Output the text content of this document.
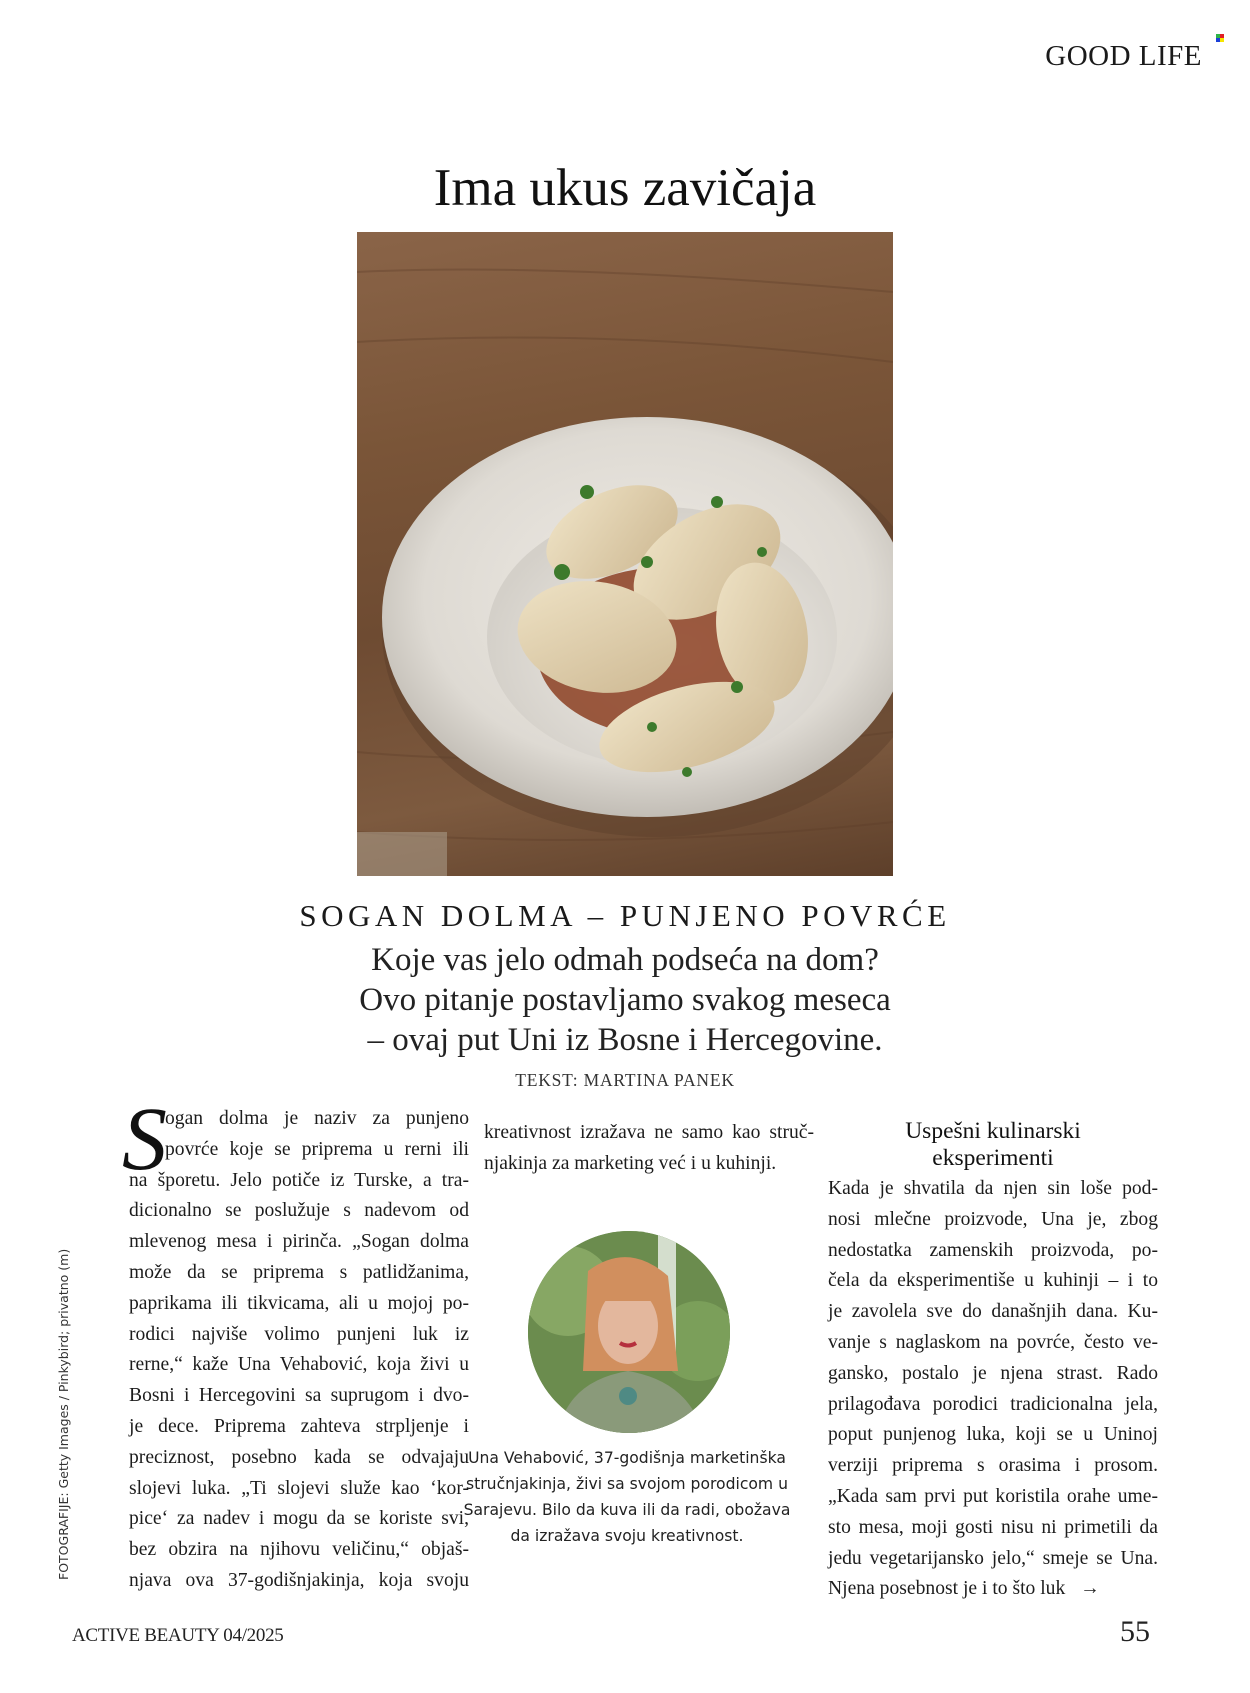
GOOD LIFE
Ima ukus zavičaja
SOGAN DOLMA – PUNJENO POVRĆE
Koje vas jelo odmah podseća na dom?
Ovo pitanje postavljamo svakog meseca
– ovaj put Uni iz Bosne i Hercegovine.
TEKST: MARTINA PANEK
S
ogan dolma je naziv za punjeno
povrće koje se priprema u rerni ili
na šporetu. Jelo potiče iz Turske, a tra-
dicionalno se poslužuje s nadevom od
mlevenog mesa i pirinča. „Sogan dolma
može da se priprema s patlidžanima,
paprikama ili tikvicama, ali u mojoj po-
rodici najviše volimo punjeni luk iz
rerne,“ kaže Una Vehabović, koja živi u
Bosni i Hercegovini sa suprugom i dvo-
je dece. Priprema zahteva strpljenje i
preciznost, posebno kada se odvajaju
slojevi luka. „Ti slojevi služe kao ‘kor-
pice‘ za nadev i mogu da se koriste svi,
bez obzira na njihovu veličinu,“ objaš-
njava ova 37-godišnjakinja, koja svoju
kreativnost izražava ne samo kao struč-
njakinja za marketing već i u kuhinji.
Una Vehabović, 37-godišnja marketinška
stručnjakinja, živi sa svojom porodicom u
Sarajevu. Bilo da kuva ili da radi, obožava
da izražava svoju kreativnost.
Uspešni kulinarski
eksperimenti
Kada je shvatila da njen sin loše pod-
nosi mlečne proizvode, Una je, zbog
nedostatka zamenskih proizvoda, po-
čela da eksperimentiše u kuhinji – i to
je zavolela sve do današnjih dana. Ku-
vanje s naglaskom na povrće, često ve-
gansko, postalo je njena strast. Rado
prilagođava porodici tradicionalna jela,
poput punjenog luka, koji se u Uninoj
verziji priprema s orasima i prosom.
„Kada sam prvi put koristila orahe ume-
sto mesa, moji gosti nisu ni primetili da
jedu vegetarijansko jelo,“ smeje se Una.
Njena posebnost je i to što luk →
FOTOGRAFIJE: Getty Images / Pinkybird; privatno (m)
ACTIVE BEAUTY 04/2025	55
